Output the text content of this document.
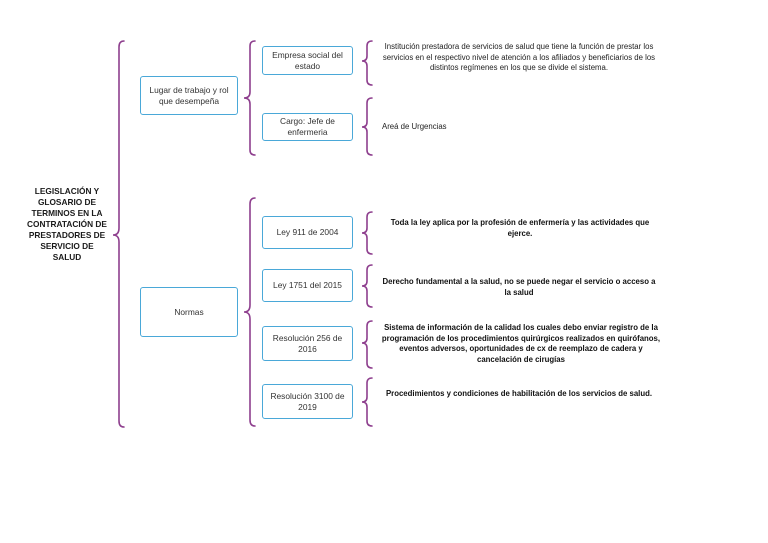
LEGISLACIÓN Y GLOSARIO DE TERMINOS EN LA CONTRATACIÓN DE PRESTADORES DE SERVICIO DE SALUD
Lugar de trabajo y rol que desempeña
Normas
Empresa social del estado
Cargo: Jefe de enfermeria
Ley 911 de 2004
Ley 1751 del 2015
Resolución 256 de 2016
Resolución 3100 de 2019
Institución prestadora de servicios de salud que tiene la función de prestar los servicios en el respectivo nivel de atención a los afiliados y beneficiarios de los distintos regímenes en los que se divide el sistema.
Areá de Urgencias
Toda la ley aplica por la profesión de enfermería y las actividades que ejerce.
Derecho fundamental a la salud, no se puede negar el servicio o acceso a la salud
Sistema de información de la calidad los cuales debo enviar registro de la programación de los procedimientos quirúrgicos realizados en quirófanos, eventos adversos, oportunidades de cx de reemplazo de cadera y cancelación de cirugías
Procedimientos y condiciones de habilitación de los servicios de salud.
